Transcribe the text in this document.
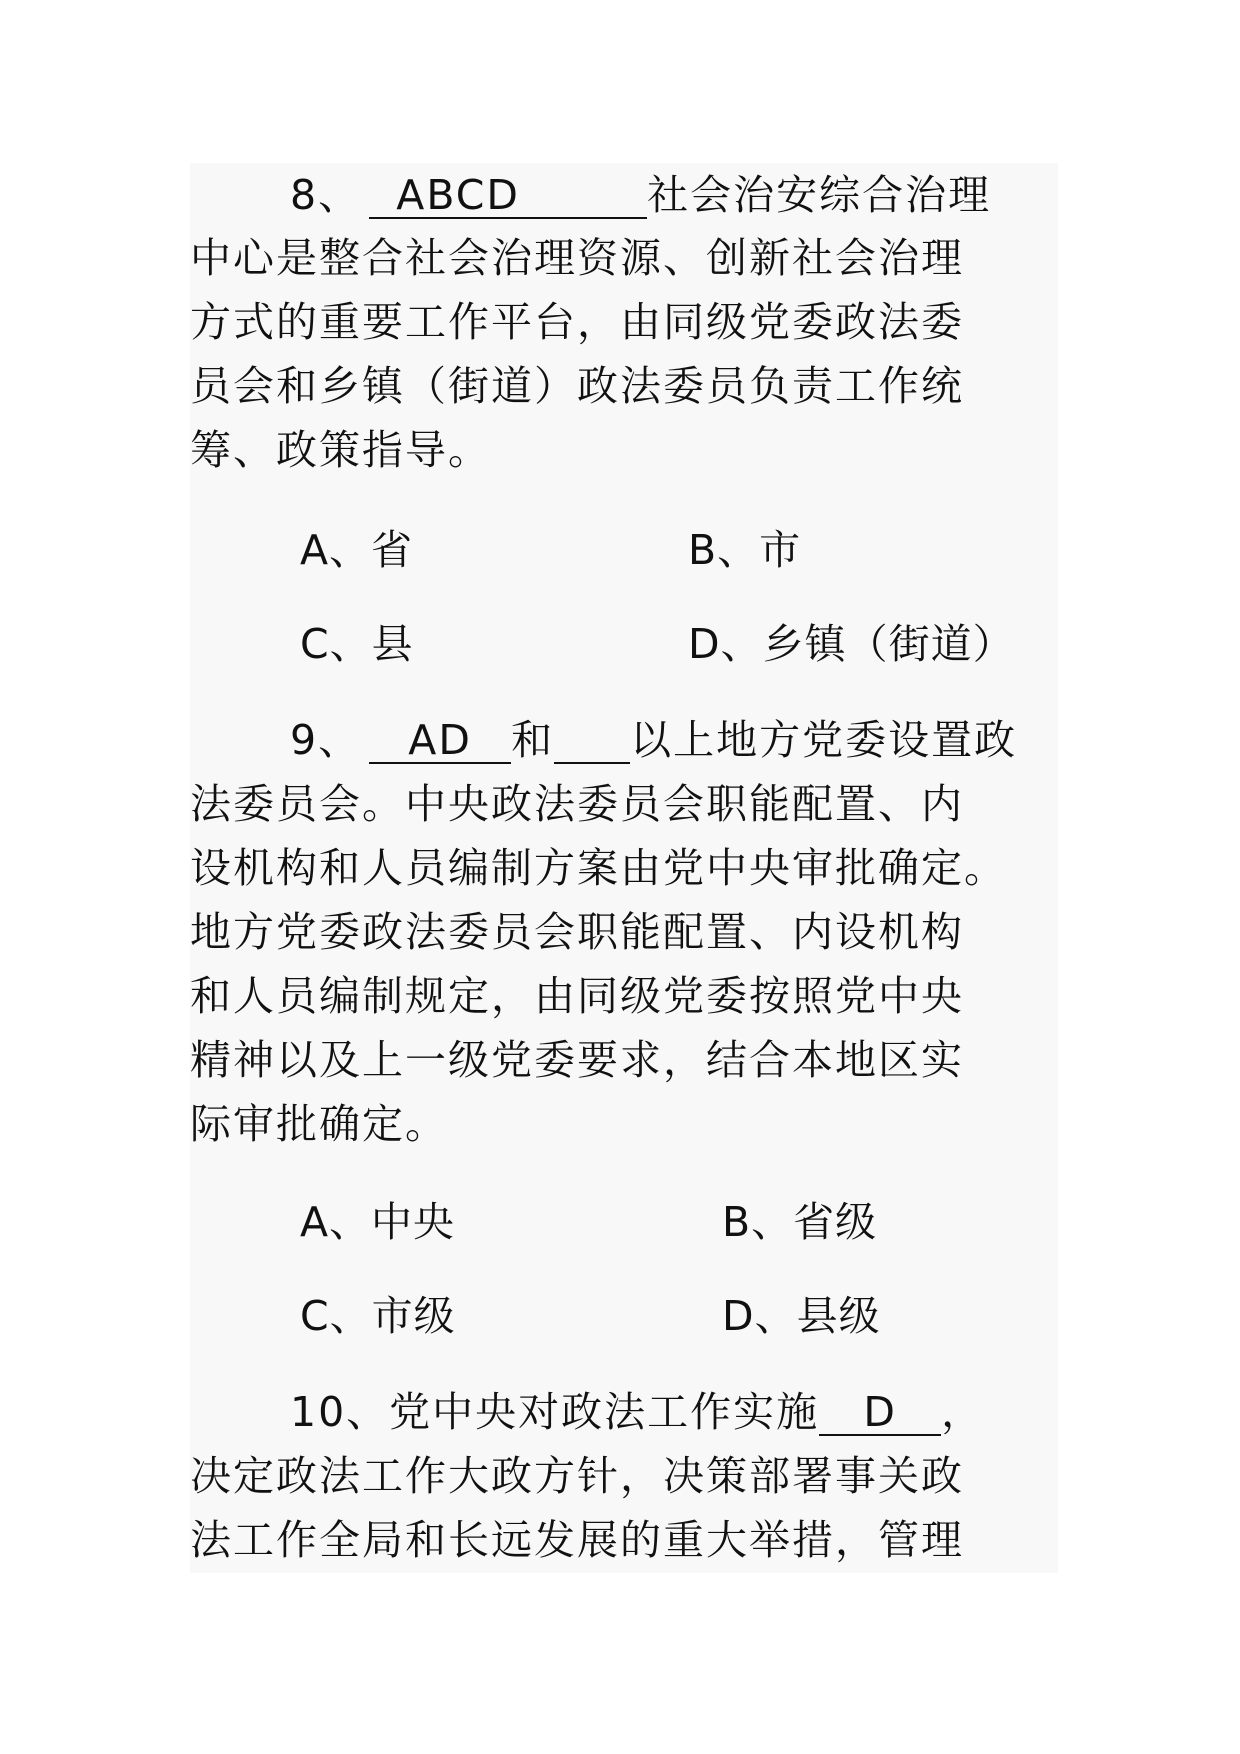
8、 ABCD	社会治安综合治理
中心是整合社会治理资源、创新社会治理
方式的重要工作平台，由同级党委政法委
员会和乡镇（街道）政法委员负责工作统
筹、政策指导。
A、省	B、市
C、县	D、乡镇（街道）
9、 AD 和 以上地方党委设置政
法委员会。中央政法委员会职能配置、内
设机构和人员编制方案由党中央审批确定。
地方党委政法委员会职能配置、内设机构
和人员编制规定，由同级党委按照党中央
精神以及上一级党委要求，结合本地区实
际审批确定。
A、中央	B、省级
C、市级	D、县级
10、党中央对政法工作实施 D ，
决定政法工作大政方针，决策部署事关政
法工作全局和长远发展的重大举措，管理
